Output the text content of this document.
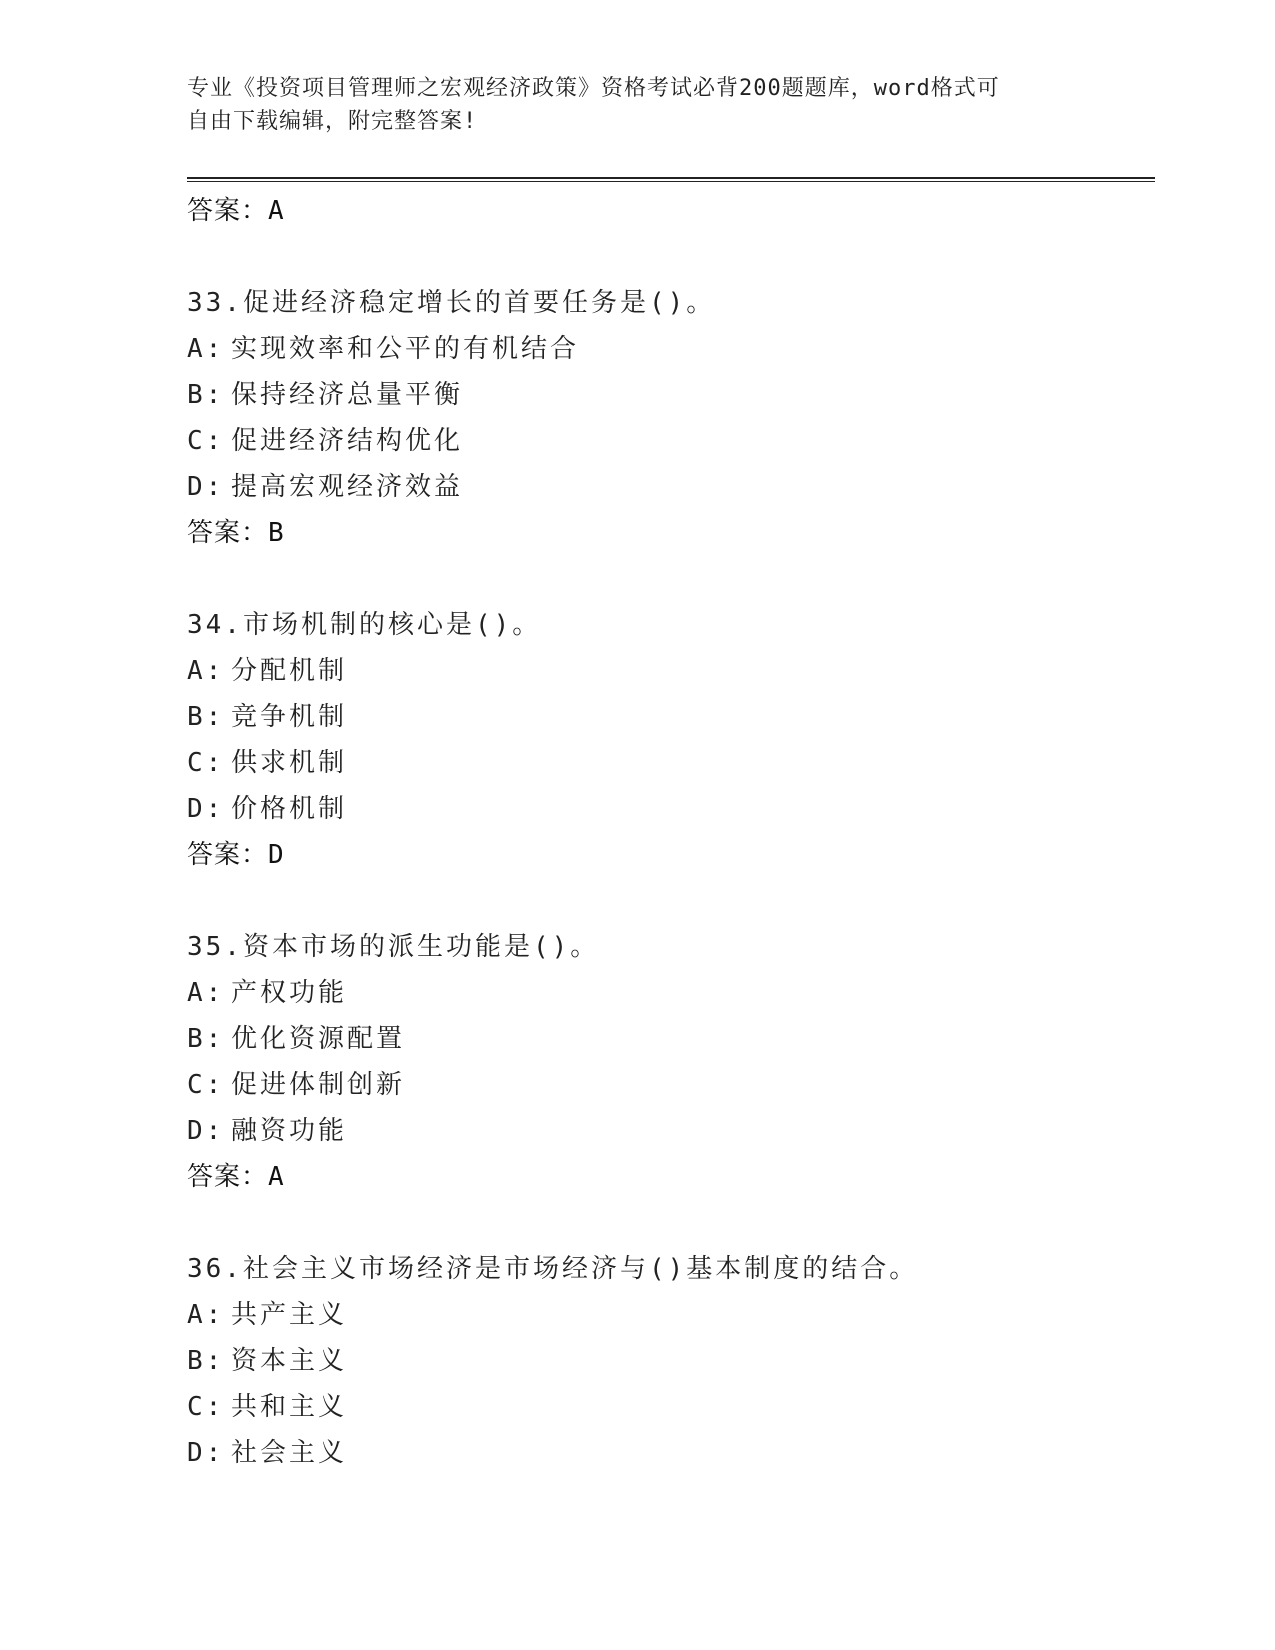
专业《投资项目管理师之宏观经济政策》资格考试必背200题题库，word格式可
自由下载编辑，附完整答案!
答案：A
33.促进经济稳定增长的首要任务是()。
A: 实现效率和公平的有机结合
B: 保持经济总量平衡
C: 促进经济结构优化
D: 提高宏观经济效益
答案：B
34.市场机制的核心是()。
A: 分配机制
B: 竞争机制
C: 供求机制
D: 价格机制
答案：D
35.资本市场的派生功能是()。
A: 产权功能
B: 优化资源配置
C: 促进体制创新
D: 融资功能
答案：A
36.社会主义市场经济是市场经济与()基本制度的结合。
A: 共产主义
B: 资本主义
C: 共和主义
D: 社会主义
